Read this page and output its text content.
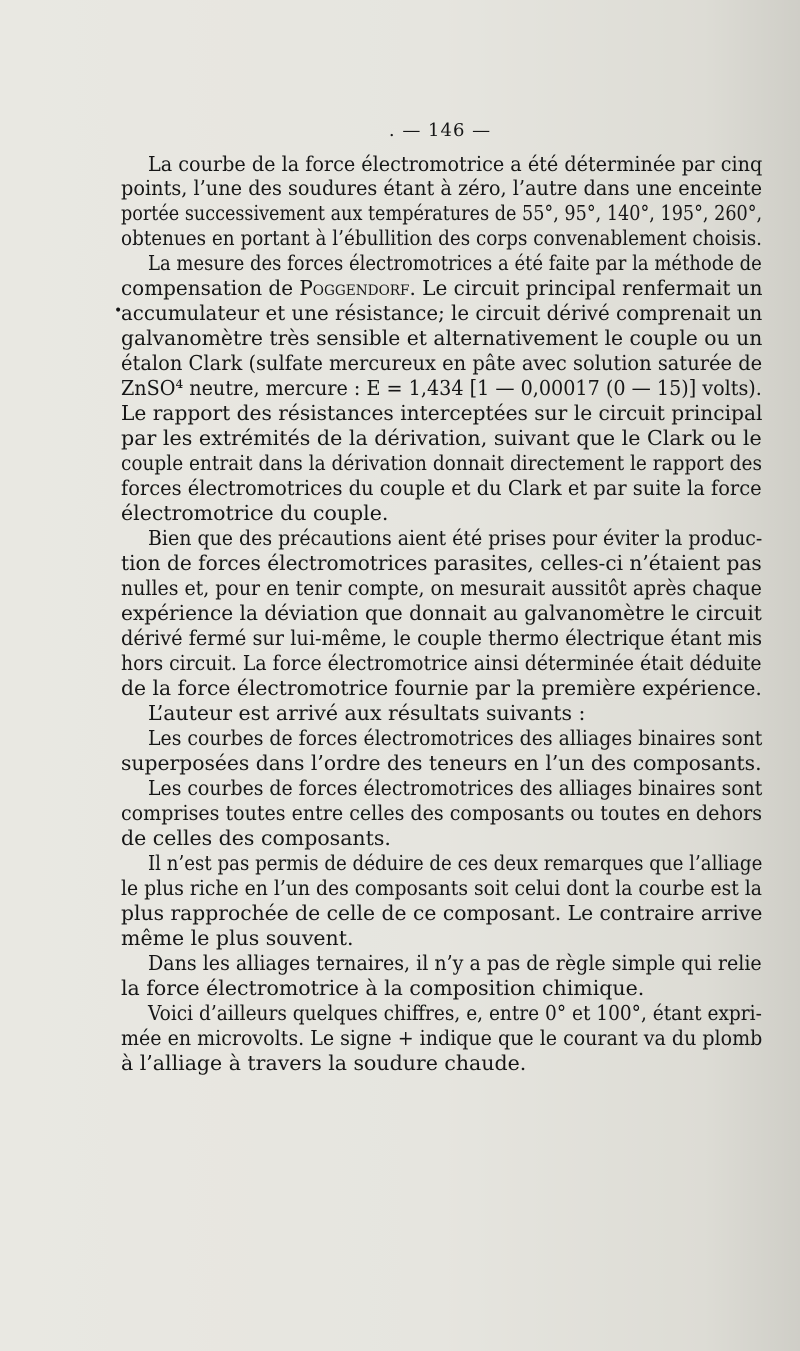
. — 146 —
•
La courbe de la force électromotrice a été déterminée par cinq
points, l’une des soudures étant à zéro, l’autre dans une enceinte
portée successivement aux températures de 55°, 95°, 140°, 195°, 260°,
obtenues en portant à l’ébullition des corps convenablement choisis.
La mesure des forces électromotrices a été faite par la méthode de
compensation de Poggendorf. Le circuit principal renfermait un
accumulateur et une résistance; le circuit dérivé comprenait un
galvanomètre très sensible et alternativement le couple ou un
étalon Clark (sulfate mercureux en pâte avec solution saturée de
ZnSO⁴ neutre, mercure : E = 1,434 [1 — 0,00017 (0 — 15)] volts).
Le rapport des résistances interceptées sur le circuit principal
par les extrémités de la dérivation, suivant que le Clark ou le
couple entrait dans la dérivation donnait directement le rapport des
forces électromotrices du couple et du Clark et par suite la force
électromotrice du couple.
Bien que des précautions aient été prises pour éviter la produc-
tion de forces électromotrices parasites, celles-ci n’étaient pas
nulles et, pour en tenir compte, on mesurait aussitôt après chaque
expérience la déviation que donnait au galvanomètre le circuit
dérivé fermé sur lui-même, le couple thermo électrique étant mis
hors circuit. La force électromotrice ainsi déterminée était déduite
de la force électromotrice fournie par la première expérience.
L’auteur est arrivé aux résultats suivants :
Les courbes de forces électromotrices des alliages binaires sont
superposées dans l’ordre des teneurs en l’un des composants.
Les courbes de forces électromotrices des alliages binaires sont
comprises toutes entre celles des composants ou toutes en dehors
de celles des composants.
Il n’est pas permis de déduire de ces deux remarques que l’alliage
le plus riche en l’un des composants soit celui dont la courbe est la
plus rapprochée de celle de ce composant. Le contraire arrive
même le plus souvent.
Dans les alliages ternaires, il n’y a pas de règle simple qui relie
la force électromotrice à la composition chimique.
Voici d’ailleurs quelques chiffres, e, entre 0° et 100°, étant expri-
mée en microvolts. Le signe + indique que le courant va du plomb
à l’alliage à travers la soudure chaude.
